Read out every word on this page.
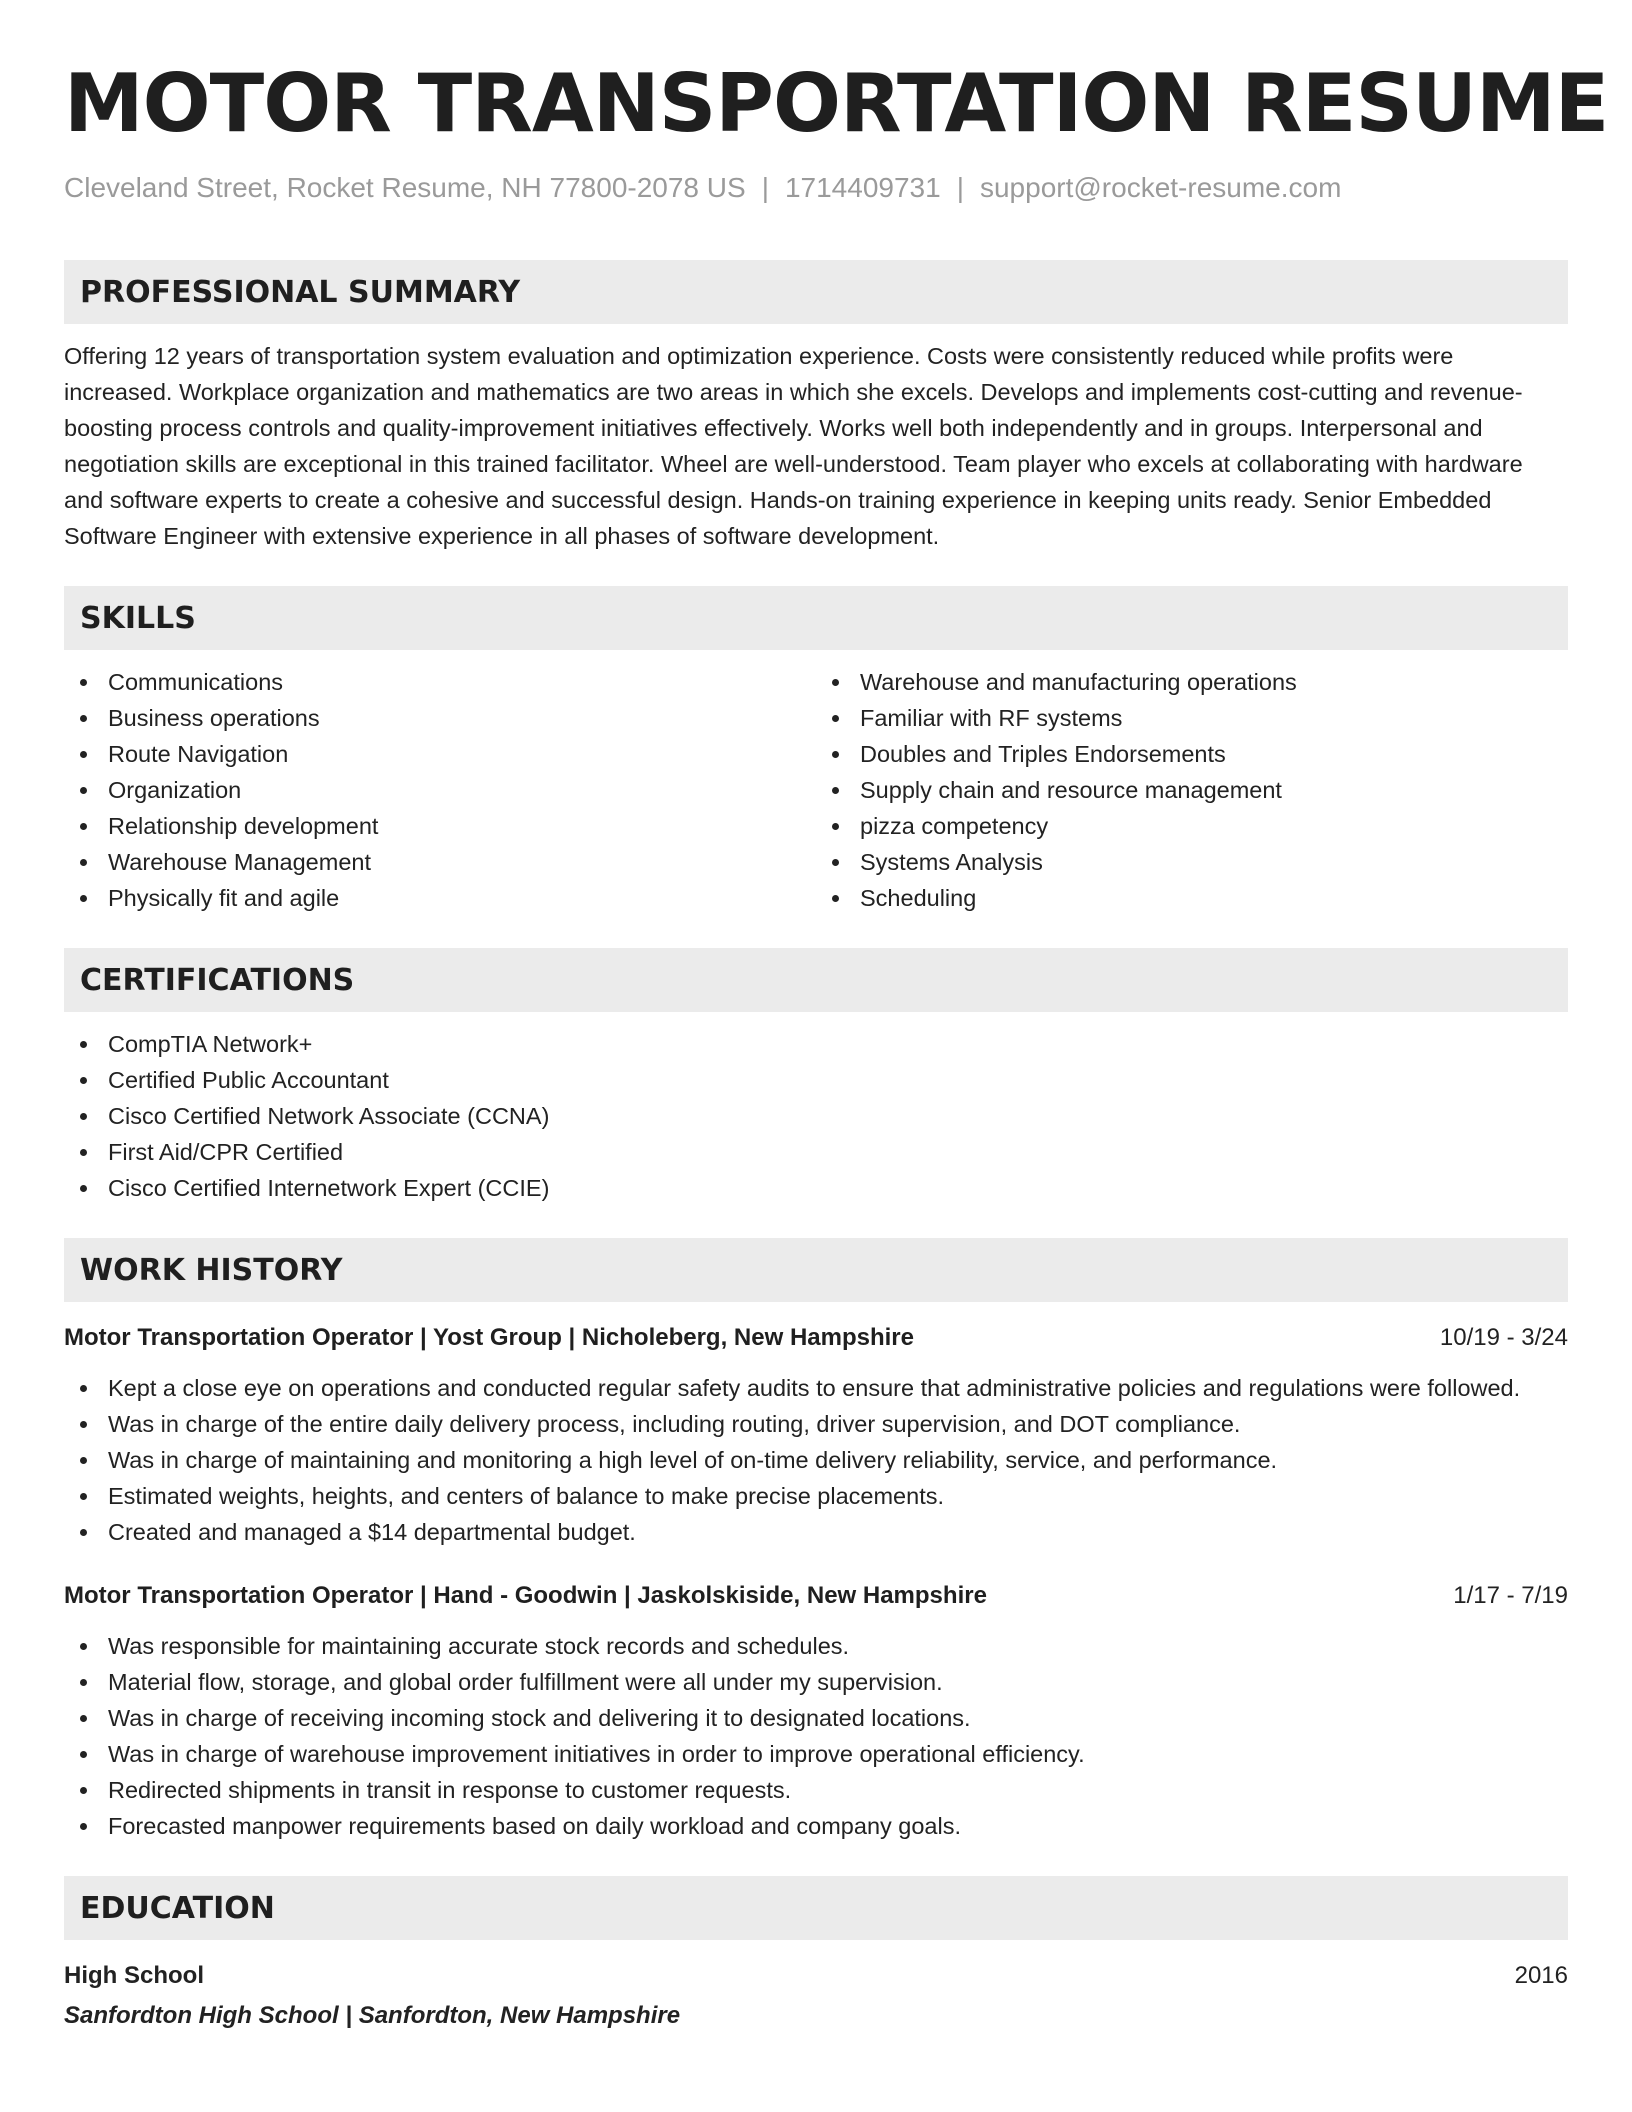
MOTOR TRANSPORTATION RESUME
Cleveland Street, Rocket Resume, NH 77800-2078 US | 1714409731 | support@rocket-resume.com
PROFESSIONAL SUMMARY

Offering 12 years of transportation system evaluation and optimization experience. Costs were consistently reduced while profits were increased. Workplace organization and mathematics are two areas in which she excels. Develops and implements cost-cutting and revenue-boosting process controls and quality-improvement initiatives effectively. Works well both independently and in groups. Interpersonal and negotiation skills are exceptional in this trained facilitator. Wheel are well-understood. Team player who excels at collaborating with hardware and software experts to create a cohesive and successful design. Hands-on training experience in keeping units ready. Senior Embedded Software Engineer with extensive experience in all phases of software development.

SKILLS
Communications
Business operations
Route Navigation
Organization
Relationship development
Warehouse Management
Physically fit and agile
Warehouse and manufacturing operations
Familiar with RF systems
Doubles and Triples Endorsements
Supply chain and resource management
pizza competency
Systems Analysis
Scheduling
CERTIFICATIONS
CompTIA Network+
Certified Public Accountant
Cisco Certified Network Associate (CCNA)
First Aid/CPR Certified
Cisco Certified Internetwork Expert (CCIE)
WORK HISTORY
Motor Transportation Operator | Yost Group | Nicholeberg, New Hampshire	10/19 - 3/24
Kept a close eye on operations and conducted regular safety audits to ensure that administrative policies and regulations were followed.
Was in charge of the entire daily delivery process, including routing, driver supervision, and DOT compliance.
Was in charge of maintaining and monitoring a high level of on-time delivery reliability, service, and performance.
Estimated weights, heights, and centers of balance to make precise placements.
Created and managed a $14 departmental budget.
Motor Transportation Operator | Hand - Goodwin | Jaskolskiside, New Hampshire	1/17 - 7/19
Was responsible for maintaining accurate stock records and schedules.
Material flow, storage, and global order fulfillment were all under my supervision.
Was in charge of receiving incoming stock and delivering it to designated locations.
Was in charge of warehouse improvement initiatives in order to improve operational efficiency.
Redirected shipments in transit in response to customer requests.
Forecasted manpower requirements based on daily workload and company goals.
EDUCATION
High School	2016
Sanfordton High School | Sanfordton, New Hampshire
